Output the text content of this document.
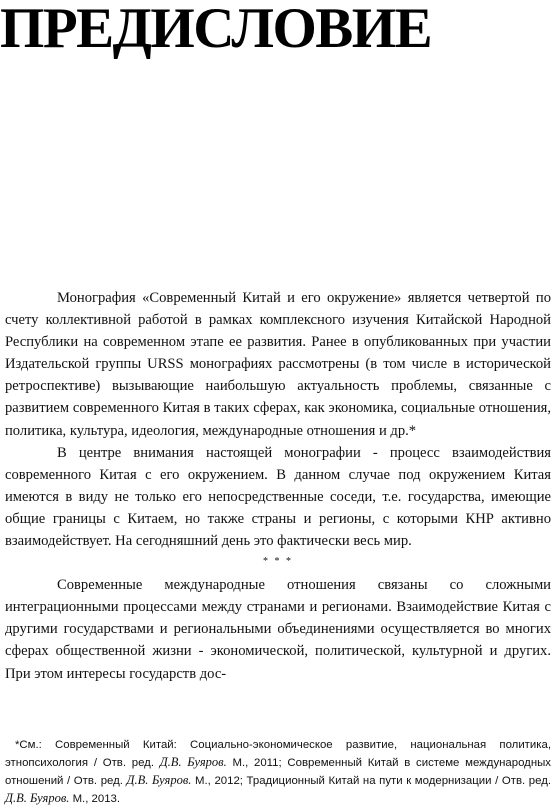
ПРЕДИСЛОВИЕ

Монография «Современный Китай и его окружение» является четвертой по счету коллективной работой в рамках комплексного изучения Китайской Народной Республики на современном этапе ее развития. Ранее в опубликованных при участии Издательской группы URSS монографиях рассмотрены (в том числе в исторической ретроспективе) вызывающие наибольшую актуальность проблемы, связанные с развитием современного Китая в таких сферах, как экономика, социальные отношения, политика, культура, идеология, международные отношения и др.*

В центре внимания настоящей монографии - процесс взаимодействия современного Китая с его окружением. В данном случае под окружением Китая имеются в виду не только его непосредственные соседи, т.е. государства, имеющие общие границы с Китаем, но также страны и регионы, с которыми КНР активно взаимодействует. На сегодняшний день это фактически весь мир.

* * *

Современные международные отношения связаны со сложными интеграционными процессами между странами и регионами. Взаимодействие Китая с другими государствами и региональными объединениями осуществляется во многих сферах общественной жизни - экономической, политической, культурной и других. При этом интересы государств дос-

*См.: Современный Китай: Социально-экономическое развитие, национальная политика, этнопсихология / Отв. ред. Д.В. Буяров. М., 2011; Современный Китай в системе международных отношений / Отв. ред. Д.В. Буяров. М., 2012; Традиционный Китай на пути к модернизации / Отв. ред. Д.В. Буяров. М., 2013.
